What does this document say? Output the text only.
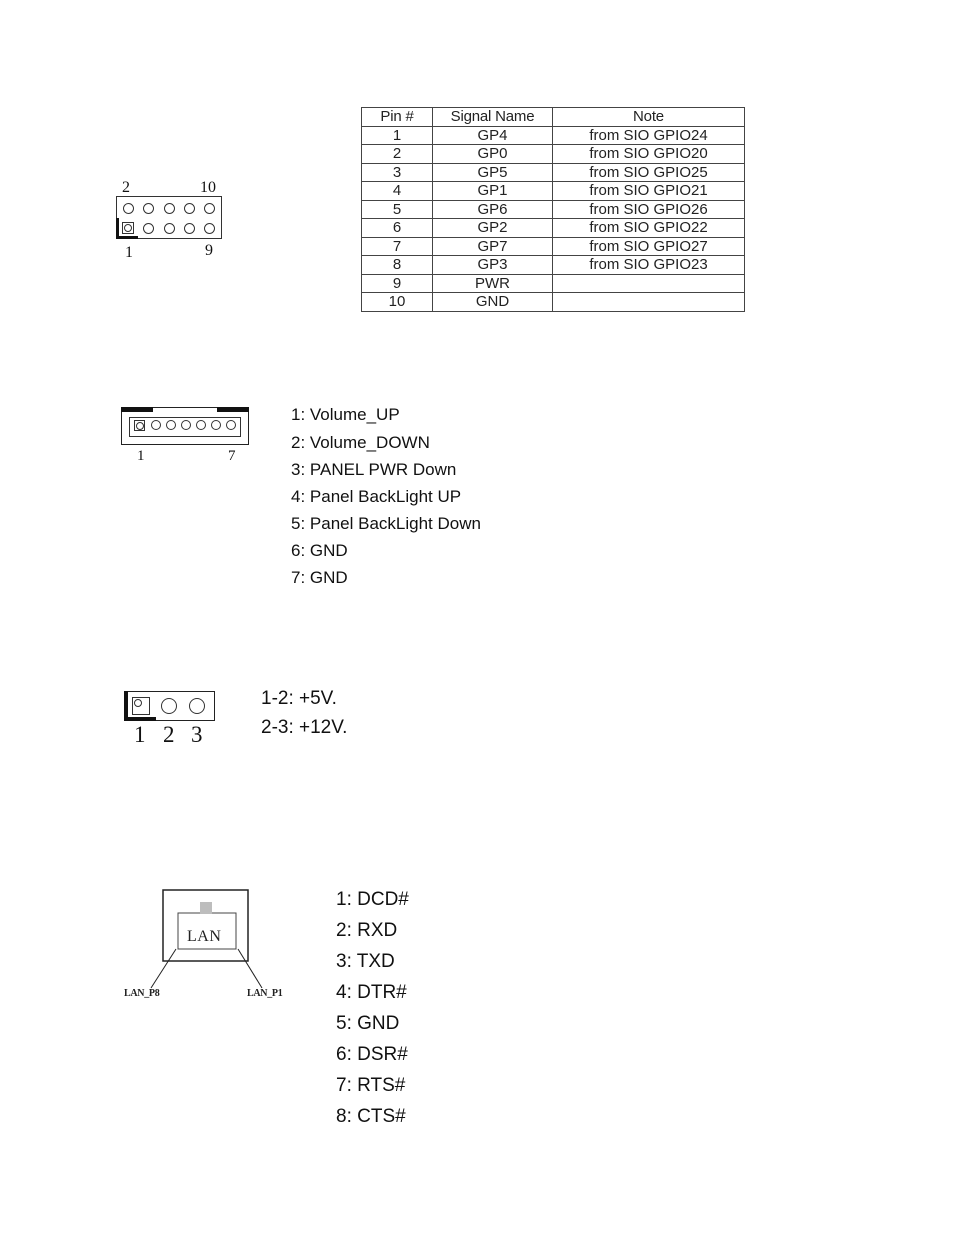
2	10
1	9
Pin #	Signal Name	Note
1	GP4	from SIO GPIO24
2	GP0	from SIO GPIO20
3	GP5	from SIO GPIO25
4	GP1	from SIO GPIO21
5	GP6	from SIO GPIO26
6	GP2	from SIO GPIO22
7	GP7	from SIO GPIO27
8	GP3	from SIO GPIO23
9	PWR	
10	GND	
1	7
1: Volume_UP
2: Volume_DOWN
3: PANEL PWR Down
4: Panel BackLight UP
5: Panel BackLight Down
6: GND
7: GND
1 2 3
1-2: +5V.
2-3: +12V.
LAN
LAN_P8	LAN_P1
1: DCD#
2: RXD
3: TXD
4: DTR#
5: GND
6: DSR#
7: RTS#
8: CTS#
